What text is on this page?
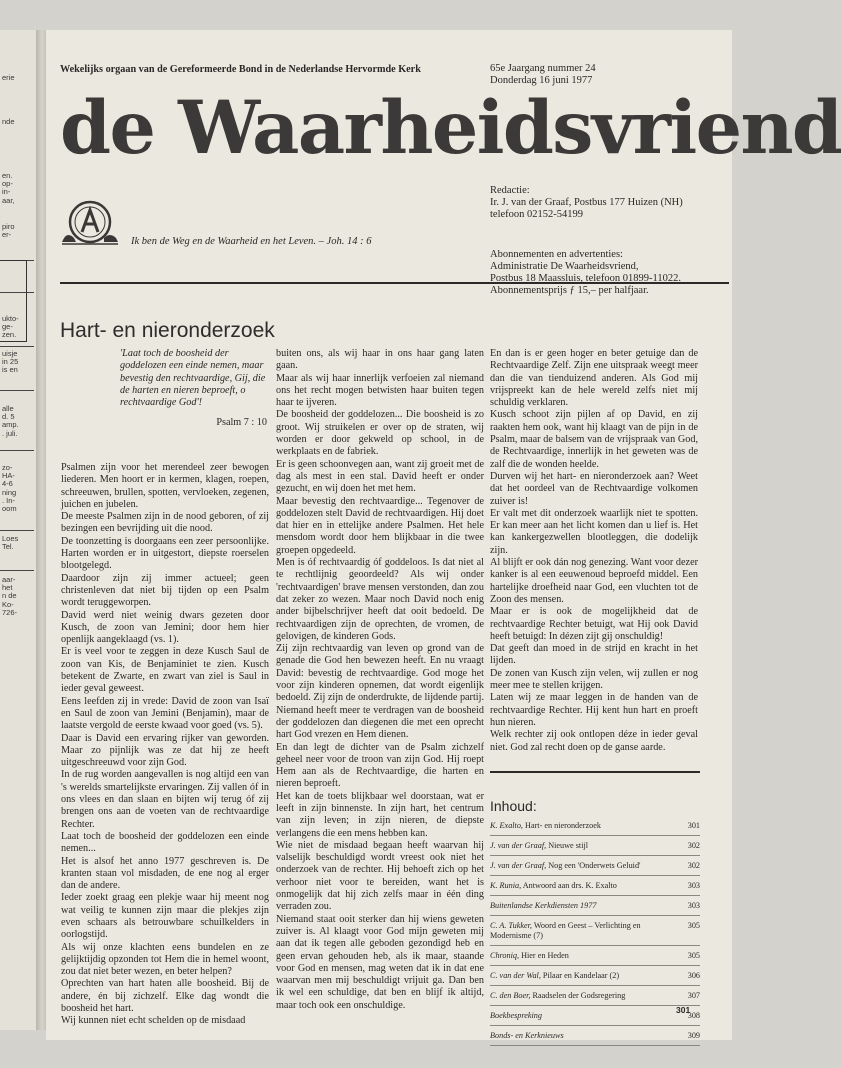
erie
nde
en.
op-
in-
aar,
piro
er-
ukto-
ge-
zen.
uisje
in 25
is en
alle
d. 5
amp.
. juli.
zo-
HA-
4-6
ning
. In-
oom
Loes
Tel.
aar-
het
n de
Ko-
726-
Wekelijks orgaan van de Gereformeerde Bond in de Nederlandse Hervormde Kerk	65e Jaargang nummer 24
Donderdag 16 juni 1977
de Waarheidsvriend
Ik ben de Weg en de Waarheid en het Leven. – Joh. 14 : 6
Redactie:
Ir. J. van der Graaf, Postbus 177 Huizen (NH)
telefoon 02152-54199
Abonnementen en advertenties:
Administratie De Waarheidsvriend,
Postbus 18 Maassluis, telefoon 01899-11022.
Abonnementsprijs ƒ 15,– per halfjaar.
Hart- en nieronderzoek
'Laat toch de boosheid der goddelozen een einde nemen, maar bevestig den rechtvaardige, Gij, die de harten en nieren beproeft, o rechtvaardige God'!
Psalm 7 : 10

Psalmen zijn voor het merendeel zeer bewogen liederen. Men hoort er in kermen, klagen, roepen, schreeuwen, brullen, spotten, vervloeken, zegenen, juichen en jubelen.

De meeste Psalmen zijn in de nood geboren, of zij bezingen een bevrijding uit die nood.

De toonzetting is doorgaans een zeer persoonlijke. Harten worden er in uitgestort, diepste roerselen blootgelegd.

Daardoor zijn zij immer actueel; geen christenleven dat niet bij tijden op een Psalm wordt teruggeworpen.

David werd niet weinig dwars gezeten door Kusch, de zoon van Jemini; door hem hier openlijk aangeklaagd (vs. 1).

Er is veel voor te zeggen in deze Kusch Saul de zoon van Kis, de Benjaminiet te zien. Kusch betekent de Zwarte, en zwart van ziel is Saul in ieder geval geweest.

Eens leefden zij in vrede: David de zoon van Isaï en Saul de zoon van Jemini (Benjamin), maar de laatste vergold de eerste kwaad voor goed (vs. 5).

Daar is David een ervaring rijker van geworden. Maar zo pijnlijk was ze dat hij ze heeft uitgeschreeuwd voor zijn God.

In de rug worden aangevallen is nog altijd een van 's werelds smartelijkste ervaringen. Zij vallen óf in ons vlees en dan slaan en bijten wij terug óf zij brengen ons aan de voeten van de rechtvaardige Rechter.

Laat toch de boosheid der goddelozen een einde nemen...

Het is alsof het anno 1977 geschreven is. De kranten staan vol misdaden, de ene nog al erger dan de andere.

Ieder zoekt graag een plekje waar hij meent nog wat veilig te kunnen zijn maar die plekjes zijn even schaars als betrouwbare schuilkelders in oorlogstijd.

Als wij onze klachten eens bundelen en ze gelijktijdig opzonden tot Hem die in hemel woont, zou dat niet beter wezen, en beter helpen?

Oprechten van hart haten alle boosheid. Bij de andere, én bij zichzelf. Elke dag wondt die boosheid het hart.

Wij kunnen niet echt schelden op de misdaad

buiten ons, als wij haar in ons haar gang laten gaan.

Maar als wij haar innerlijk verfoeien zal niemand ons het recht mogen betwisten haar buiten tegen haar te ijveren.

De boosheid der goddelozen... Die boosheid is zo groot. Wij struikelen er over op de straten, wij worden er door gekweld op school, in de werkplaats en de fabriek.

Er is geen schoonvegen aan, want zij groeit met de dag als mest in een stal. David heeft er onder gezucht, en wij doen het met hem.

Maar bevestig den rechtvaardige... Tegenover de goddelozen stelt David de rechtvaardigen. Hij doet dat hier en in ettelijke andere Psalmen. Het hele mensdom wordt door hem blijkbaar in die twee groepen opgedeeld.

Men is óf rechtvaardig óf goddeloos. Is dat niet al te rechtlijnig geoordeeld? Als wij onder 'rechtvaardigen' brave mensen verstonden, dan zou dat zeker zo wezen. Maar noch David noch enig ander bijbelschrijver heeft dat ooit bedoeld. De rechtvaardigen zijn de oprechten, de vromen, de gelovigen, de kinderen Gods.

Zij zijn rechtvaardig van leven op grond van de genade die God hen bewezen heeft. En nu vraagt David: bevestig de rechtvaardige. God moge het voor zijn kinderen opnemen, dat wordt eigenlijk bedoeld. Zij zijn de onderdrukte, de lijdende partij. Niemand heeft meer te verdragen van de boosheid der goddelozen dan diegenen die met een oprecht hart God vrezen en Hem dienen.

En dan legt de dichter van de Psalm zichzelf geheel neer voor de troon van zijn God. Hij roept Hem aan als de Rechtvaardige, die harten en nieren beproeft.

Het kan de toets blijkbaar wel doorstaan, wat er leeft in zijn binnenste. In zijn hart, het centrum van zijn leven; in zijn nieren, de diepste verlangens die een mens hebben kan.

Wie niet de misdaad begaan heeft waarvan hij valselijk beschuldigd wordt vreest ook niet het onderzoek van de rechter. Hij behoeft zich op het verhoor niet voor te bereiden, want het is onmogelijk dat hij zich zelfs maar in één ding verraden zou.

Niemand staat ooit sterker dan hij wiens geweten zuiver is. Al klaagt voor God mijn geweten mij aan dat ik tegen alle geboden gezondigd heb en geen ervan gehouden heb, als ik maar, staande voor God en mensen, mag weten dat ik in dat ene waarvan men mij beschuldigt vrijuit ga. Dan ben ik wel een schuldige, dat ben en blijf ik altijd, maar toch ook een onschuldige.

En dan is er geen hoger en beter getuige dan de Rechtvaardige Zelf. Zijn ene uitspraak weegt meer dan die van tienduizend anderen. Als God mij vrijspreekt kan de hele wereld zelfs niet mij schuldig verklaren.

Kusch schoot zijn pijlen af op David, en zij raakten hem ook, want hij klaagt van de pijn in de Psalm, maar de balsem van de vrijspraak van God, de Rechtvaardige, innerlijk in het geweten was de zalf die de wonden heelde.

Durven wij het hart- en nieronderzoek aan? Weet dat het oordeel van de Rechtvaardige volkomen zuiver is!

Er valt met dit onderzoek waarlijk niet te spotten. Er kan meer aan het licht komen dan u lief is. Het kan kankergezwellen blootleggen, die dodelijk zijn.

Al blijft er ook dán nog genezing. Want voor dezer kanker is al een eeuwenoud beproefd middel. Een hartelijke droefheid naar God, een vluchten tot de Zoon des mensen.

Maar er is ook de mogelijkheid dat de rechtvaardige Rechter betuigt, wat Hij ook David heeft betuigd: In dézen zijt gij onschuldig!

Dat geeft dan moed in de strijd en kracht in het lijden.

De zonen van Kusch zijn velen, wij zullen er nog meer mee te stellen krijgen.

Laten wij ze maar leggen in de handen van de rechtvaardige Rechter. Hij kent hun hart en proeft hun nieren.

Welk rechter zij ook ontlopen déze in ieder geval niet. God zal recht doen op de ganse aarde.

Inhoud:
K. Exalto, Hart- en nieronderzoek	301
J. van der Graaf, Nieuwe stijl	302
J. van der Graaf, Nog een 'Onderwets Geluid'	302
K. Runia, Antwoord aan drs. K. Exalto	303
Buitenlandse Kerkdiensten 1977	303
C. A. Tukker, Woord en Geest – Verlichting en Modernisme (7)
305
Chroniq, Hier en Heden	305
C. van der Wal, Pilaar en Kandelaar (2)	306
C. den Boer, Raadselen der Godsregering	307
Boekbespreking	308
Bonds- en Kerknieuws	309
301
